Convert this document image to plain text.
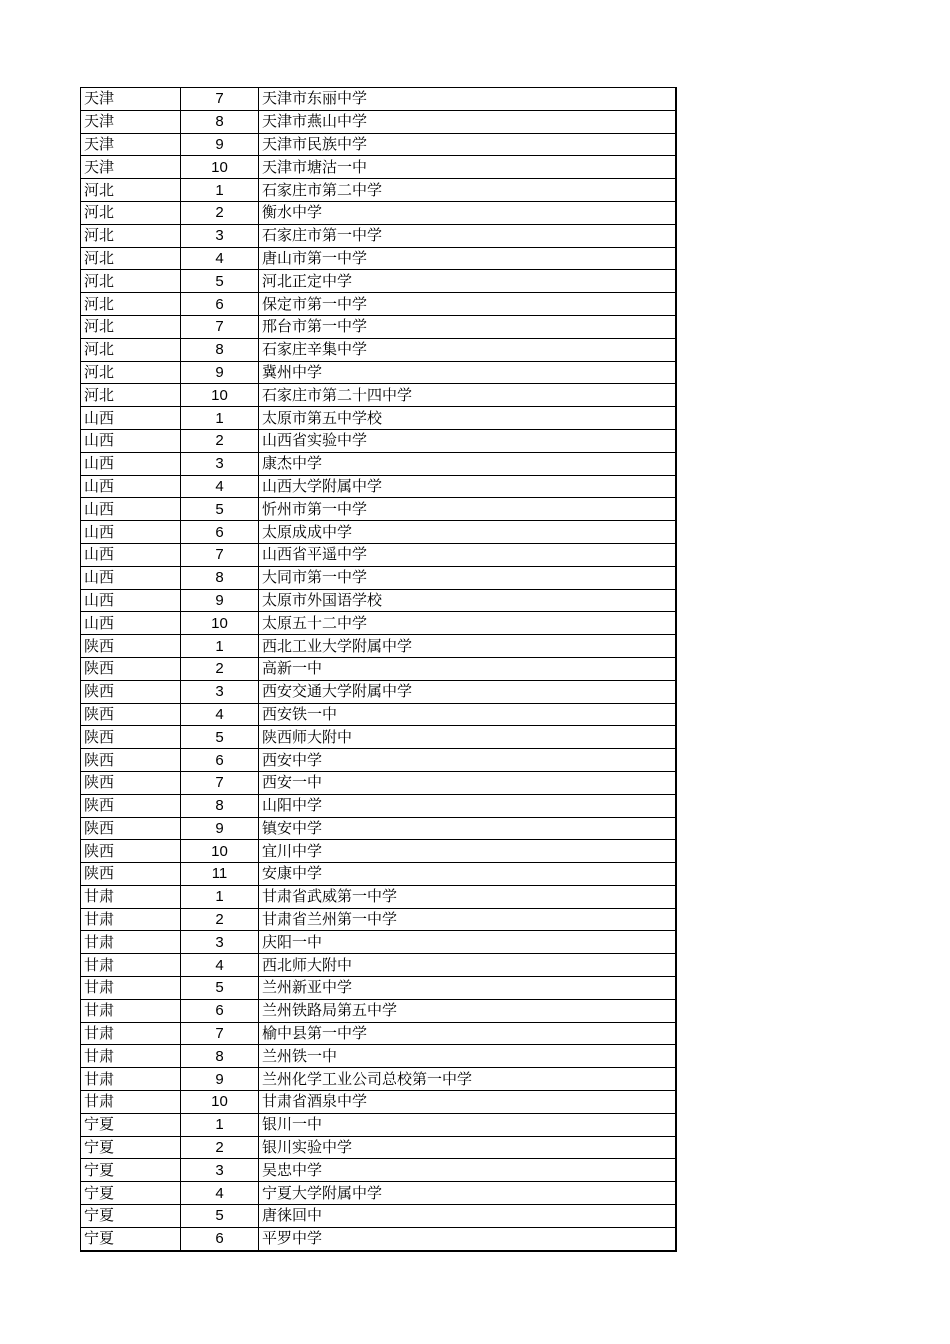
天津	7	天津市东丽中学
天津	8	天津市燕山中学
天津	9	天津市民族中学
天津	10	天津市塘沽一中
河北	1	石家庄市第二中学
河北	2	衡水中学
河北	3	石家庄市第一中学
河北	4	唐山市第一中学
河北	5	河北正定中学
河北	6	保定市第一中学
河北	7	邢台市第一中学
河北	8	石家庄辛集中学
河北	9	冀州中学
河北	10	石家庄市第二十四中学
山西	1	太原市第五中学校
山西	2	山西省实验中学
山西	3	康杰中学
山西	4	山西大学附属中学
山西	5	忻州市第一中学
山西	6	太原成成中学
山西	7	山西省平遥中学
山西	8	大同市第一中学
山西	9	太原市外国语学校
山西	10	太原五十二中学
陕西	1	西北工业大学附属中学
陕西	2	高新一中
陕西	3	西安交通大学附属中学
陕西	4	西安铁一中
陕西	5	陕西师大附中
陕西	6	西安中学
陕西	7	西安一中
陕西	8	山阳中学
陕西	9	镇安中学
陕西	10	宜川中学
陕西	11	安康中学
甘肃	1	甘肃省武威第一中学
甘肃	2	甘肃省兰州第一中学
甘肃	3	庆阳一中
甘肃	4	西北师大附中
甘肃	5	兰州新亚中学
甘肃	6	兰州铁路局第五中学
甘肃	7	榆中县第一中学
甘肃	8	兰州铁一中
甘肃	9	兰州化学工业公司总校第一中学
甘肃	10	甘肃省酒泉中学
宁夏	1	银川一中
宁夏	2	银川实验中学
宁夏	3	吴忠中学
宁夏	4	宁夏大学附属中学
宁夏	5	唐徕回中
宁夏	6	平罗中学
